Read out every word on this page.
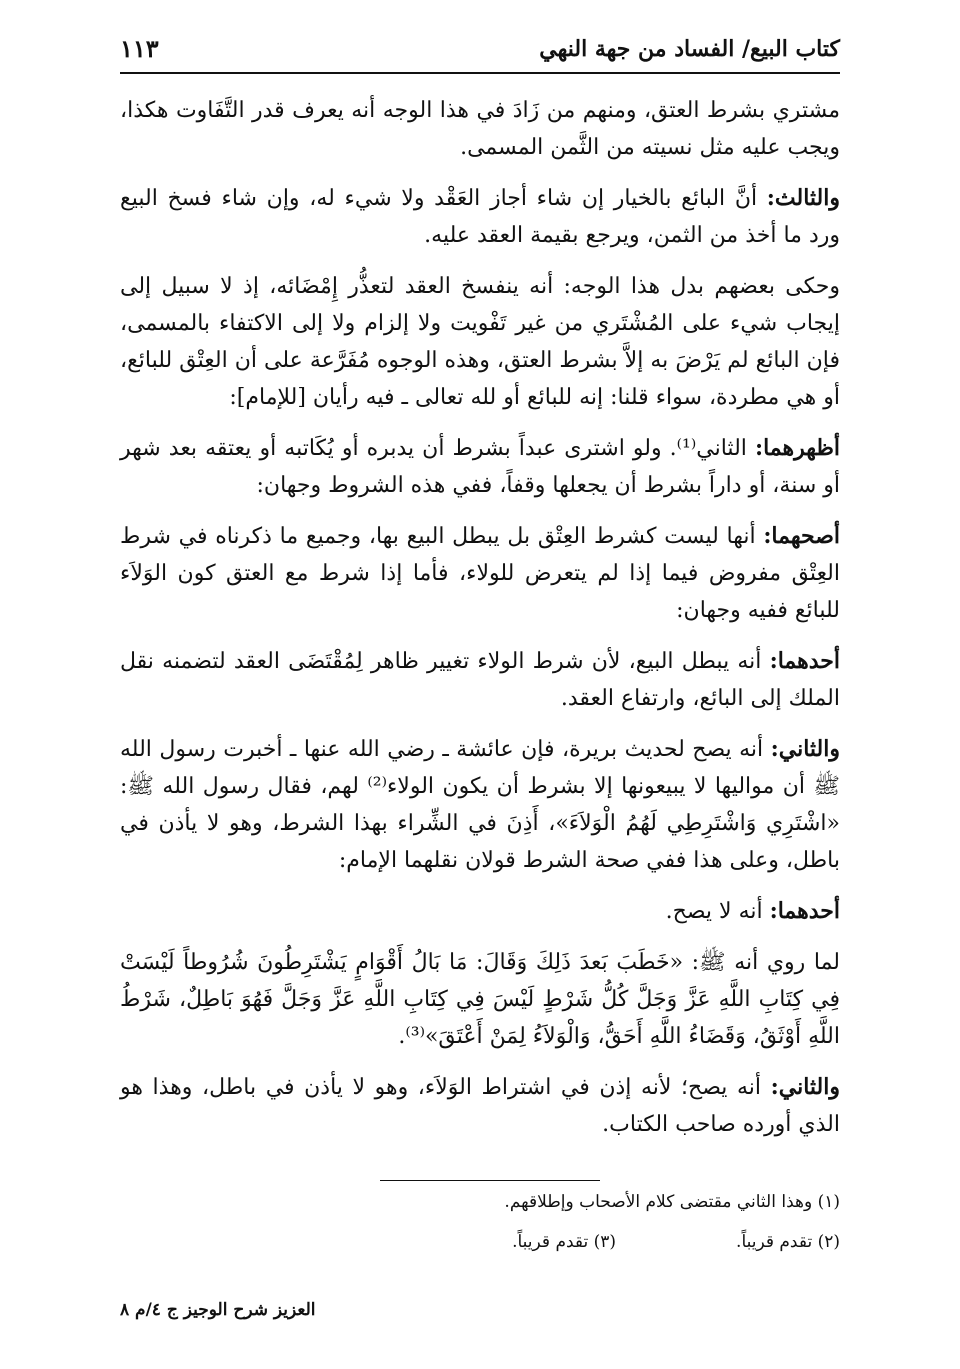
كتاب البيع/ الفساد من جهة النهي
١١٣

مشتري بشرط العتق، ومنهم من زَادَ في هذا الوجه أنه يعرف قدر التَّفَاوت هكذا، ويجب عليه مثل نسيته من الثَّمن المسمى.

والثالث: أنَّ البائع بالخيار إن شاء أجاز العَقْد ولا شيء له، وإن شاء فسخ البيع ورد ما أخذ من الثمن، ويرجع بقيمة العقد عليه.

وحكى بعضهم بدل هذا الوجه: أنه ينفسخ العقد لتعذُّر إِمْضَائه، إذ لا سبيل إلى إيجاب شيء على المُشْتَري من غير تَفْويت ولا إلزام ولا إلى الاكتفاء بالمسمى، فإن البائع لم يَرْضَ به إلاَّ بشرط العتق، وهذه الوجوه مُفَرَّعة على أن العِتْق للبائع، أو هي مطردة، سواء قلنا: إنه للبائع أو لله تعالى ـ فيه رأيان [للإمام]:

أظهرهما: الثاني⁽¹⁾. ولو اشترى عبداً بشرط أن يدبره أو يُكَاتبه أو يعتقه بعد شهر أو سنة، أو داراً بشرط أن يجعلها وقفاً، ففي هذه الشروط وجهان:

أصحهما: أنها ليست كشرط العِتْق بل يبطل البيع بها، وجميع ما ذكرناه في شرط العِتْق مفروض فيما إذا لم يتعرض للولاء، فأما إذا شرط مع العتق كون الوَلاَء للبائع ففيه وجهان:

أحدهما: أنه يبطل البيع، لأن شرط الولاء تغيير ظاهر لِمُقْتَضَى العقد لتضمنه نقل الملك إلى البائع، وارتفاع العقد.

والثاني: أنه يصح لحديث بريرة، فإن عائشة ـ رضي الله عنها ـ أخبرت رسول الله ﷺ أن مواليها لا يبيعونها إلا بشرط أن يكون الولاء⁽²⁾ لهم، فقال رسول الله ﷺ: «اشْتَرِي وَاشْتَرِطِي لَهُمُ الْوَلاَءَ»، أَذِنَ في الشِّراء بهذا الشرط، وهو لا يأذن في باطل، وعلى هذا ففي صحة الشرط قولان نقلهما الإمام:

أحدهما: أنه لا يصح.

لما روي أنه ﷺ: «خَطَبَ بَعدَ ذَلِكَ وَقَالَ: مَا بَالُ أَقْوَامٍ يَشْتَرِطُونَ شُرُوطاً لَيْسَتْ فِي كِتَابِ اللَّهِ عَزَّ وَجَلَّ كُلُّ شَرْطٍ لَيْسَ فِي كِتَابِ اللَّهِ عَزَّ وَجَلَّ فَهُوَ بَاطِلٌ، شَرْطُ اللَّهِ أَوْثَقُ، وَقَضَاءُ اللَّهِ أَحَقُّ، وَالْوَلاَءُ لِمَنْ أَعْتَقَ»⁽³⁾.

والثاني: أنه يصح؛ لأنه إذن في اشتراط الوَلاَء، وهو لا يأذن في باطل، وهذا هو الذي أورده صاحب الكتاب.

(١) وهذا الثاني مقتضى كلام الأصحاب وإطلاقهم.
(٢) تقدم قريباً.
(٣) تقدم قريباً.
العزيز شرح الوجيز ج ٤/م ٨
